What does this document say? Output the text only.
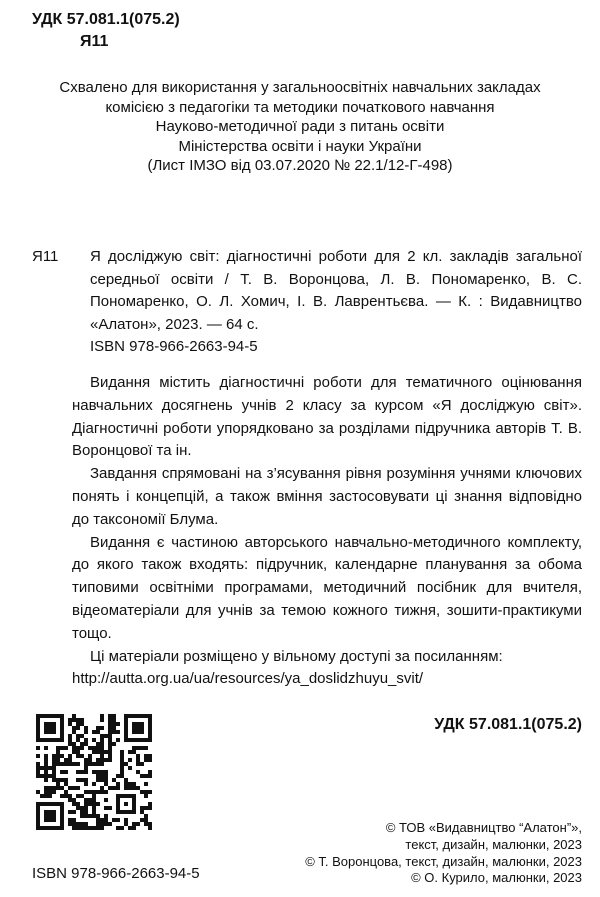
УДК 57.081.1(075.2)
Я11
Схвалено для використання у загальноосвітніх навчальних закладах
комісією з педагогіки та методики початкового навчання
Науково-методичної ради з питань освіти
Міністерства освіти і науки України
(Лист ІМЗО від 03.07.2020 № 22.1/12-Г-498)
Я11 Я досліджую світ: діагностичні роботи для 2 кл. закладів загальної середньої освіти / Т. В. Воронцова, Л. В. Пономаренко, В. С. Пономаренко, О. Л. Хомич, І. В. Лаврентьєва. — К. : Видавництво «Алатон», 2023. — 64 с.
ISBN 978-966-2663-94-5

Видання містить діагностичні роботи для тематичного оцінювання навчальних досягнень учнів 2 класу за курсом «Я досліджую світ». Діагностичні роботи упорядковано за розділами підручника авторів Т. В. Воронцової та ін.

Завдання спрямовані на з’ясування рівня розуміння учнями ключових понять і концепцій, а також вміння застосовувати ці знання відповідно до таксономії Блума.

Видання є частиною авторського навчально-методичного комплекту, до якого також входять: підручник, календарне планування за обома типовими освітніми програмами, методичний посібник для вчителя, відеоматеріали для учнів за темою кожного тижня, зошити-практикуми тощо.

Ці матеріали розміщено у вільному доступі за посиланням:

http://autta.org.ua/ua/resources/ya_doslidzhuyu_svit/

УДК 57.081.1(075.2)
© ТОВ «Видавництво “Алатон”»,
текст, дизайн, малюнки, 2023
© Т. Воронцова, текст, дизайн, малюнки, 2023
© О. Курило, малюнки, 2023
ISBN 978-966-2663-94-5
